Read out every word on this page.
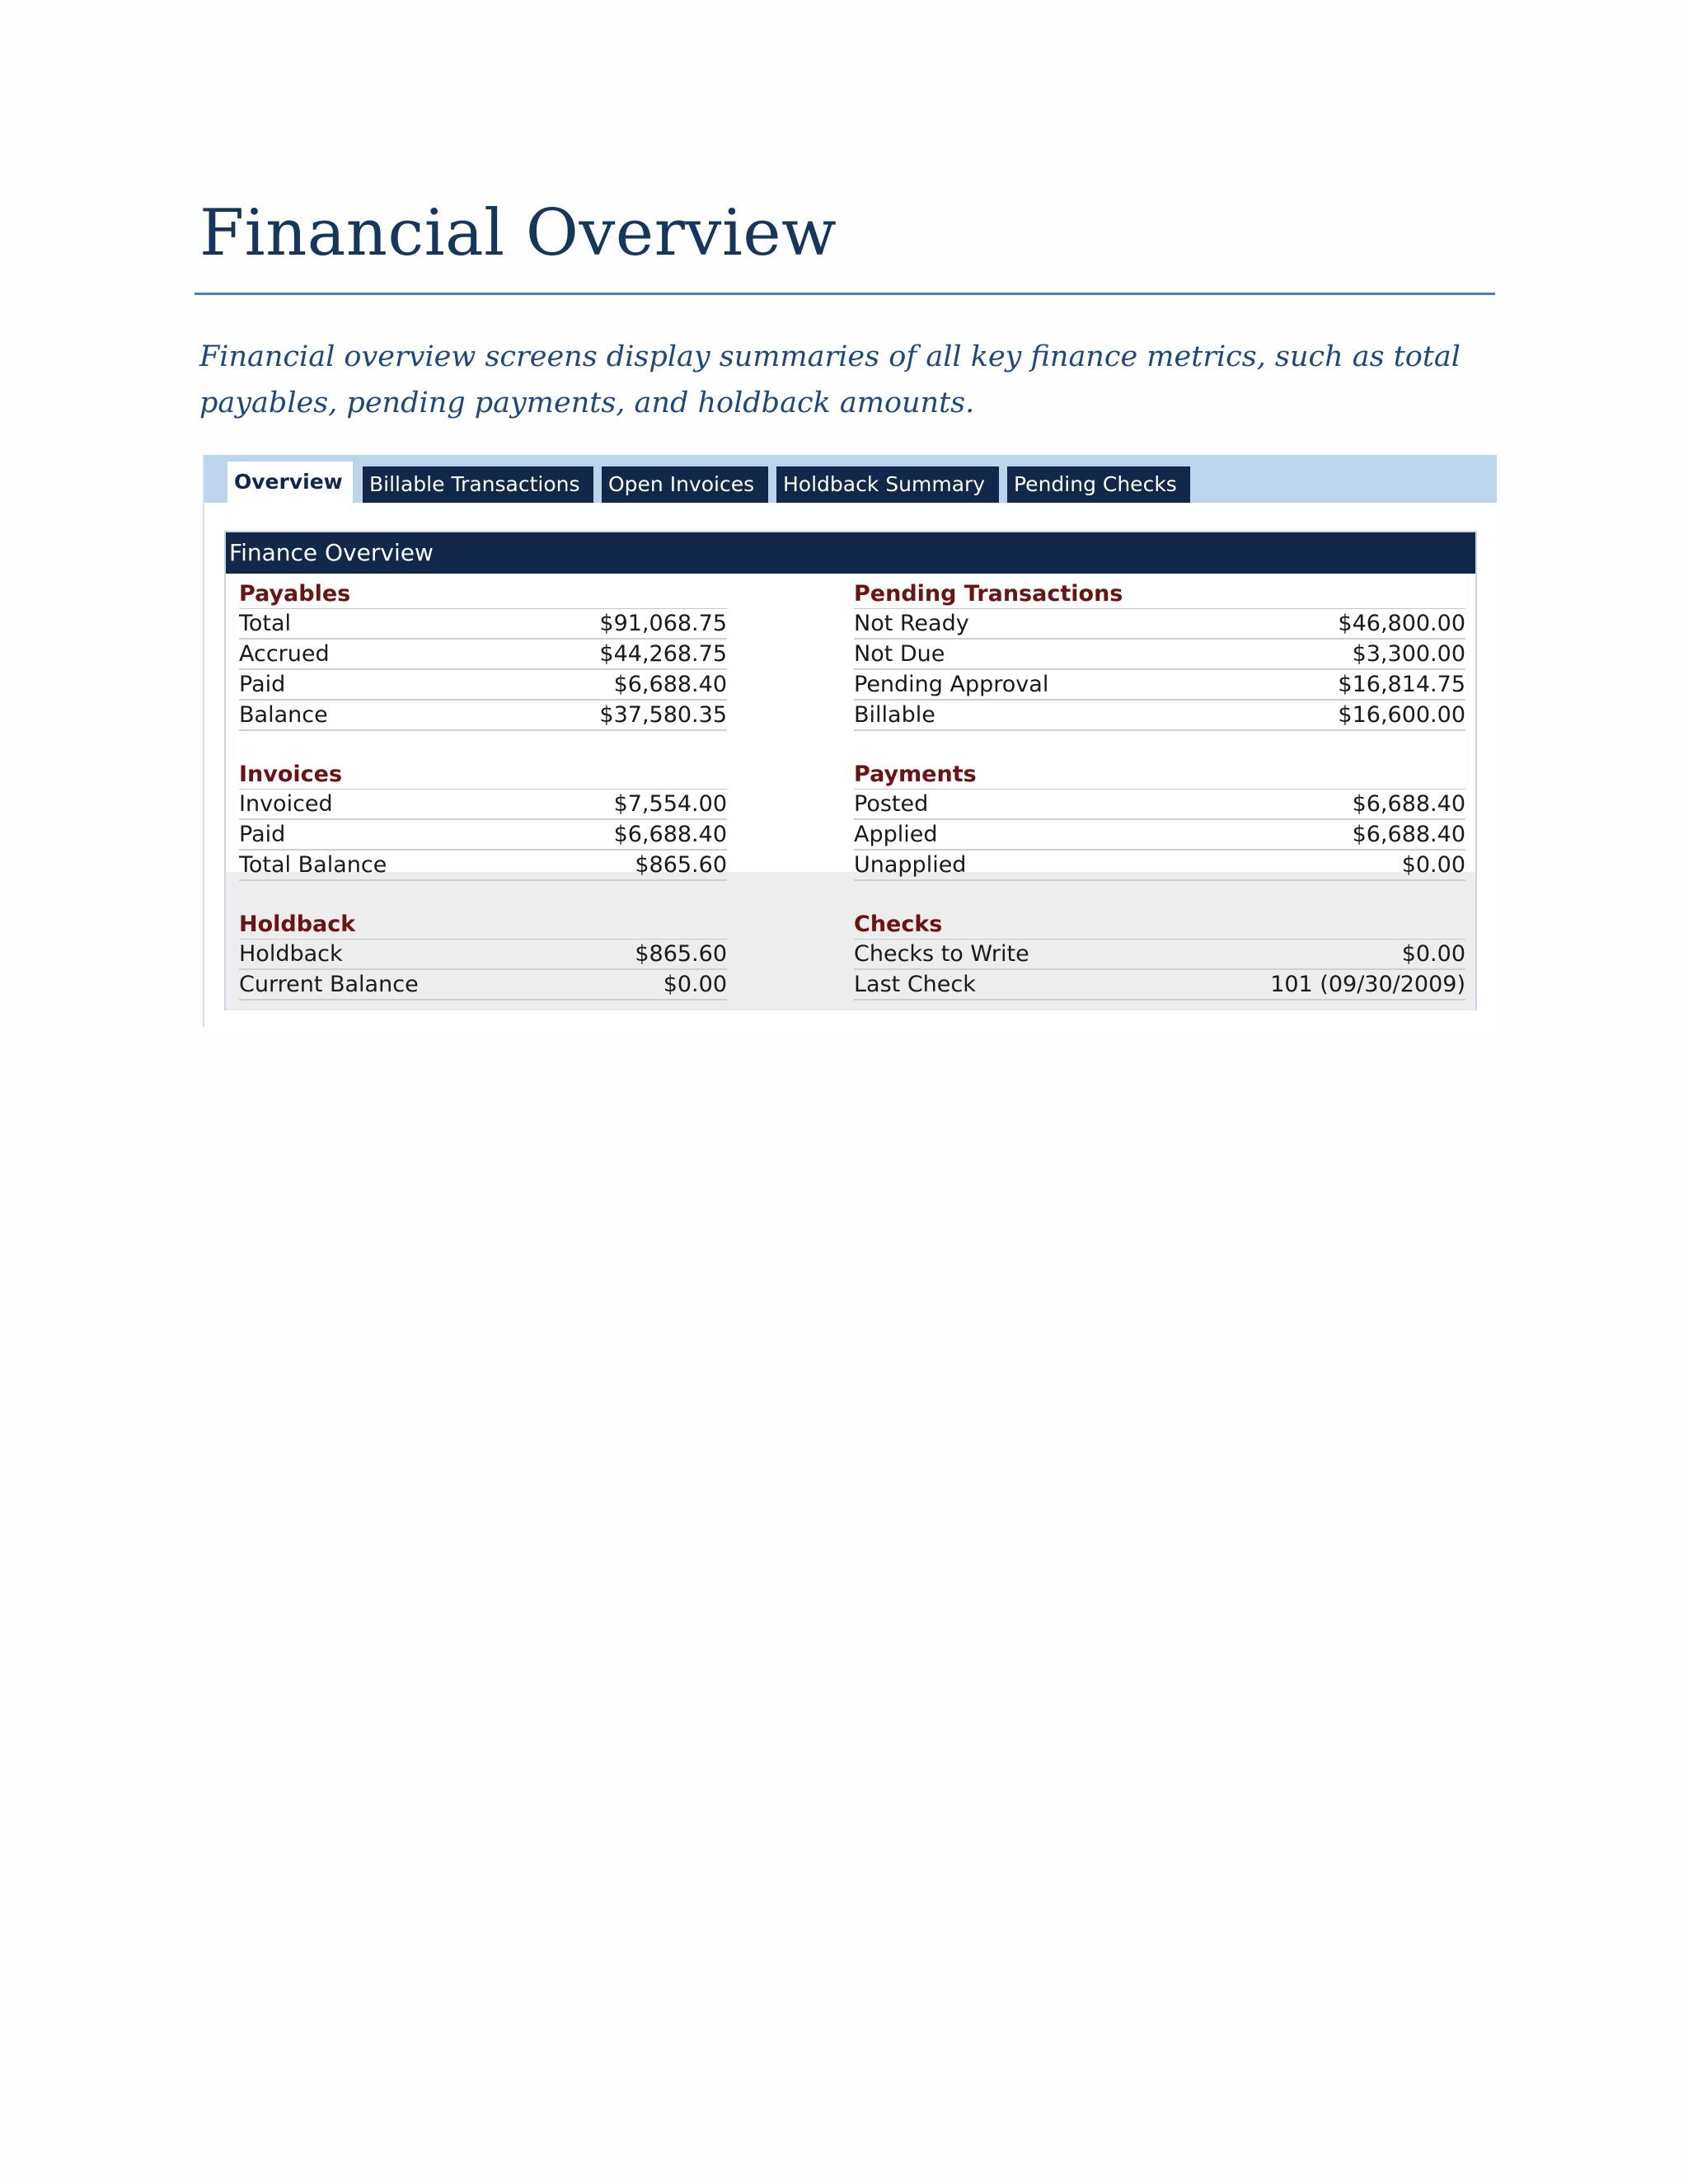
Financial Overview

Financial overview screens display summaries of all key finance metrics, such as total payables, pending payments, and holdback amounts.

Overview	Billable Transactions	Open Invoices	Holdback Summary	Pending Checks
Finance Overview
Payables
Total	$91,068.75
Accrued	$44,268.75
Paid	$6,688.40
Balance	$37,580.35
Invoices
Invoiced	$7,554.00
Paid	$6,688.40
Total Balance	$865.60
Holdback
Holdback	$865.60
Current Balance	$0.00
Pending Transactions
Not Ready	$46,800.00
Not Due	$3,300.00
Pending Approval	$16,814.75
Billable	$16,600.00
Payments
Posted	$6,688.40
Applied	$6,688.40
Unapplied	$0.00
Checks
Checks to Write	$0.00
Last Check	101 (09/30/2009)
